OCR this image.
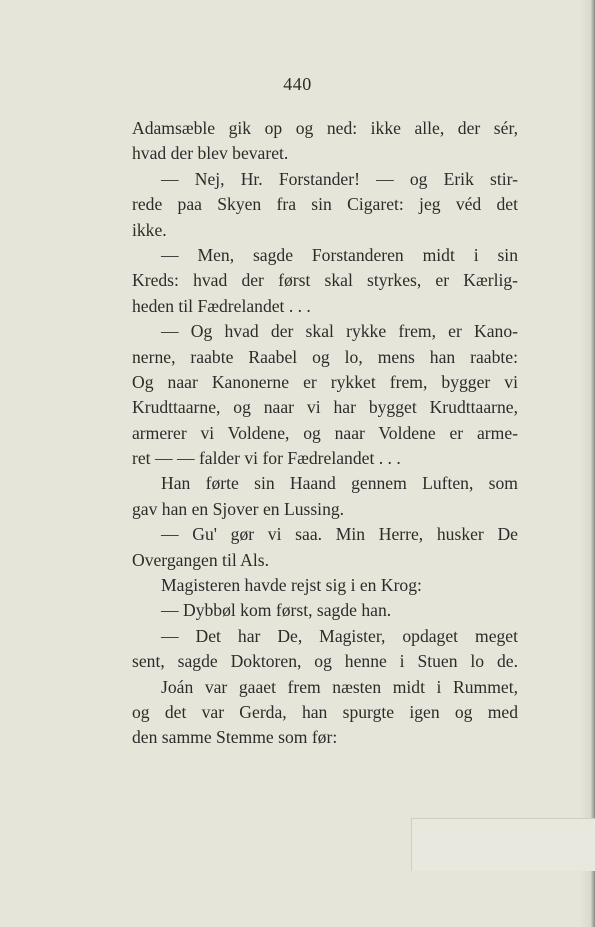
440
Adamsæble gik op og ned: ikke alle, der sér,
hvad der blev bevaret.
— Nej, Hr. Forstander! — og Erik stir-
rede paa Skyen fra sin Cigaret: jeg véd det
ikke.
— Men, sagde Forstanderen midt i sin
Kreds: hvad der først skal styrkes, er Kærlig-
heden til Fædrelandet . . .
— Og hvad der skal rykke frem, er Kano-
nerne, raabte Raabel og lo, mens han raabte:
Og naar Kanonerne er rykket frem, bygger vi
Krudttaarne, og naar vi har bygget Krudttaarne,
armerer vi Voldene, og naar Voldene er arme-
ret — — falder vi for Fædrelandet . . .
Han førte sin Haand gennem Luften, som
gav han en Sjover en Lussing.
— Gu' gør vi saa. Min Herre, husker De
Overgangen til Als.
Magisteren havde rejst sig i en Krog:
— Dybbøl kom først, sagde han.
— Det har De, Magister, opdaget meget
sent, sagde Doktoren, og henne i Stuen lo de.
Joán var gaaet frem næsten midt i Rummet,
og det var Gerda, han spurgte igen og med
den samme Stemme som før:
